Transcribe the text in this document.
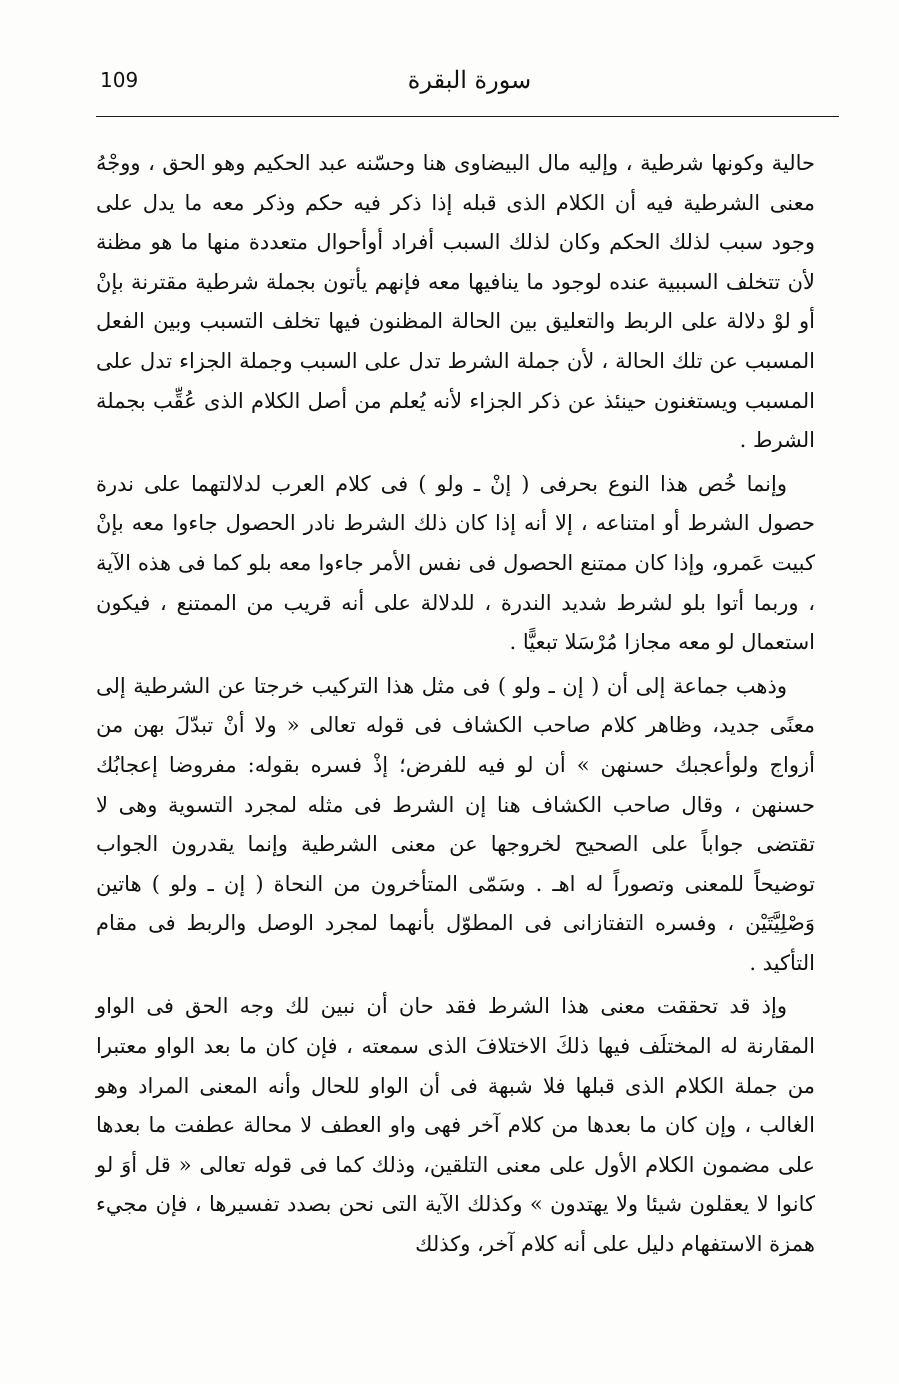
109	سورة البقرة

حالية وكونها شرطية ، وإليه مال البيضاوى هنا وحسّنه عبد الحكيم وهو الحق ، ووجْهُ معنى الشرطية فيه أن الكلام الذى قبله إذا ذكر فيه حكم وذكر معه ما يدل على وجود سبب لذلك الحكم وكان لذلك السبب أفراد أوأحوال متعددة منها ما هو مظنة لأن تتخلف السببية عنده لوجود ما ينافيها معه فإنهم يأتون بجملة شرطية مقترنة بإنْ أو لوْ دلالة على الربط والتعليق بين الحالة المظنون فيها تخلف التسبب وبين الفعل المسبب عن تلك الحالة ، لأن جملة الشرط تدل على السبب وجملة الجزاء تدل على المسبب ويستغنون حينئذ عن ذكر الجزاء لأنه يُعلم من أصل الكلام الذى عُقِّب بجملة الشرط .

وإنما خُص هذا النوع بحرفى ( إنْ ـ ولو ) فى كلام العرب لدلالتهما على ندرة حصول الشرط أو امتناعه ، إلا أنه إذا كان ذلك الشرط نادر الحصول جاءوا معه بإنْ كبيت عَمرو، وإذا كان ممتنع الحصول فى نفس الأمر جاءوا معه بلو كما فى هذه الآية ، وربما أتوا بلو لشرط شديد الندرة ، للدلالة على أنه قريب من الممتنع ، فيكون استعمال لو معه مجازا مُرْسَلا تبعيًّا .

وذهب جماعة إلى أن ( إن ـ ولو ) فى مثل هذا التركيب خرجتا عن الشرطية إلى معنًى جديد، وظاهر كلام صاحب الكشاف فى قوله تعالى « ولا أنْ تبدّلَ بهن من أزواج ولوأعجبك حسنهن » أن لو فيه للفرض؛ إذْ فسره بقوله: مفروضا إعجابُك حسنهن ، وقال صاحب الكشاف هنا إن الشرط فى مثله لمجرد التسوية وهى لا تقتضى جواباً على الصحيح لخروجها عن معنى الشرطية وإنما يقدرون الجواب توضيحاً للمعنى وتصوراً له اهـ . وسَمّى المتأخرون من النحاة ( إن ـ ولو ) هاتين وَصْلِيَّتَيْن ، وفسره التفتازانى فى المطوّل بأنهما لمجرد الوصل والربط فى مقام التأكيد .

وإذ قد تحققت معنى هذا الشرط فقد حان أن نبين لك وجه الحق فى الواو المقارنة له المختلَف فيها ذلكَ الاختلافَ الذى سمعته ، فإن كان ما بعد الواو معتبرا من جملة الكلام الذى قبلها فلا شبهة فى أن الواو للحال وأنه المعنى المراد وهو الغالب ، وإن كان ما بعدها من كلام آخر فهى واو العطف لا محالة عطفت ما بعدها على مضمون الكلام الأول على معنى التلقين، وذلك كما فى قوله تعالى « قل أوَ لو كانوا لا يعقلون شيئا ولا يهتدون » وكذلك الآية التى نحن بصدد تفسيرها ، فإن مجيء همزة الاستفهام دليل على أنه كلام آخر، وكذلك
